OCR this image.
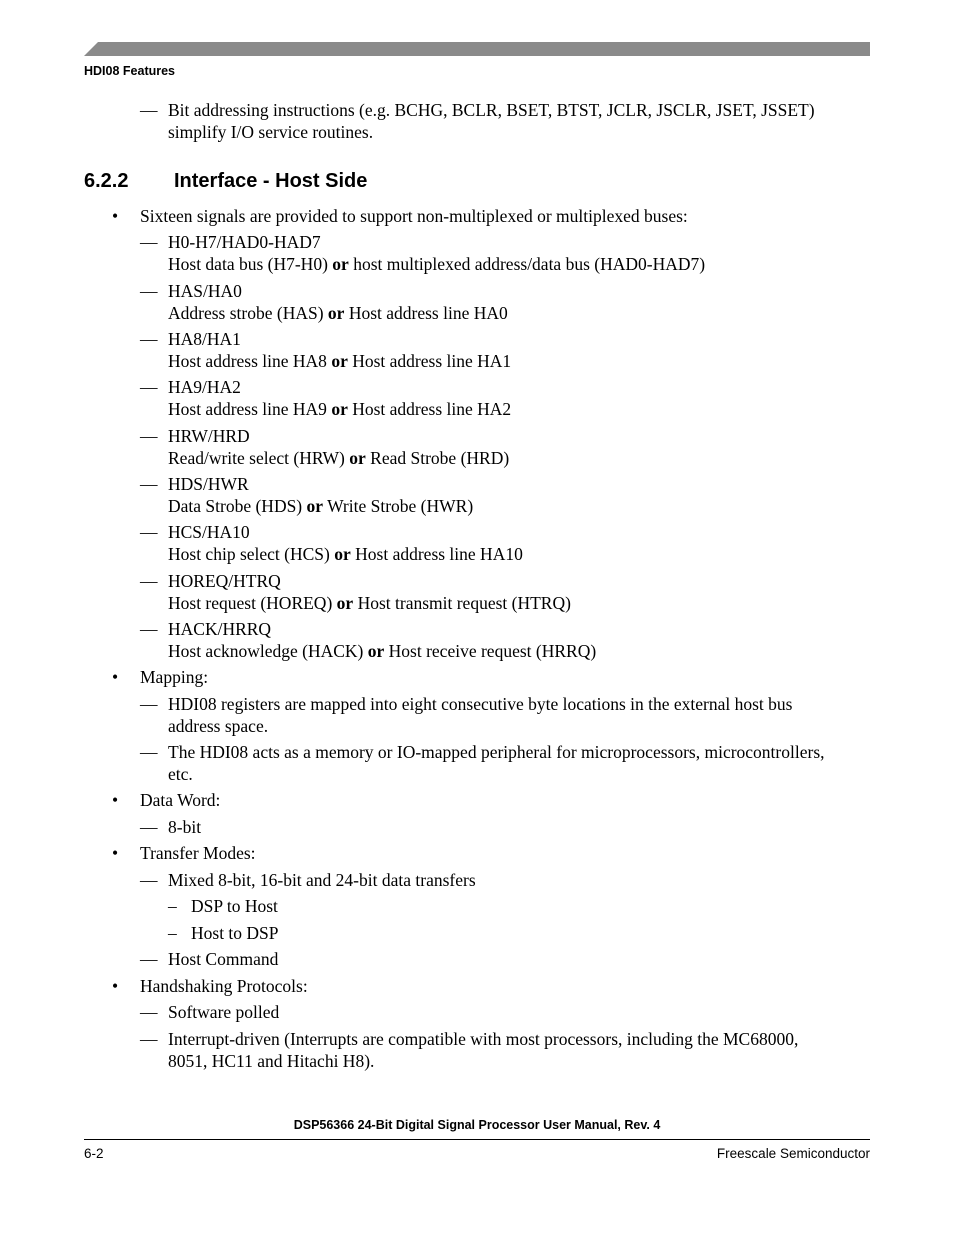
HDI08 Features
— Bit addressing instructions (e.g. BCHG, BCLR, BSET, BTST, JCLR, JSCLR, JSET, JSSET)
simplify I/O service routines.
6.2.2 Interface - Host Side
• Sixteen signals are provided to support non-multiplexed or multiplexed buses:
— H0-H7/HAD0-HAD7
Host data bus (H7-H0) or host multiplexed address/data bus (HAD0-HAD7)
— HAS/HA0
Address strobe (HAS) or Host address line HA0
— HA8/HA1
Host address line HA8 or Host address line HA1
— HA9/HA2
Host address line HA9 or Host address line HA2
— HRW/HRD
Read/write select (HRW) or Read Strobe (HRD)
— HDS/HWR
Data Strobe (HDS) or Write Strobe (HWR)
— HCS/HA10
Host chip select (HCS) or Host address line HA10
— HOREQ/HTRQ
Host request (HOREQ) or Host transmit request (HTRQ)
— HACK/HRRQ
Host acknowledge (HACK) or Host receive request (HRRQ)
• Mapping:
— HDI08 registers are mapped into eight consecutive byte locations in the external host bus
address space.
— The HDI08 acts as a memory or IO-mapped peripheral for microprocessors, microcontrollers,
etc.
• Data Word:
— 8-bit
• Transfer Modes:
— Mixed 8-bit, 16-bit and 24-bit data transfers
– DSP to Host
– Host to DSP
— Host Command
• Handshaking Protocols:
— Software polled
— Interrupt-driven (Interrupts are compatible with most processors, including the MC68000,
8051, HC11 and Hitachi H8).
DSP56366 24-Bit Digital Signal Processor User Manual, Rev. 4
6-2	Freescale Semiconductor
